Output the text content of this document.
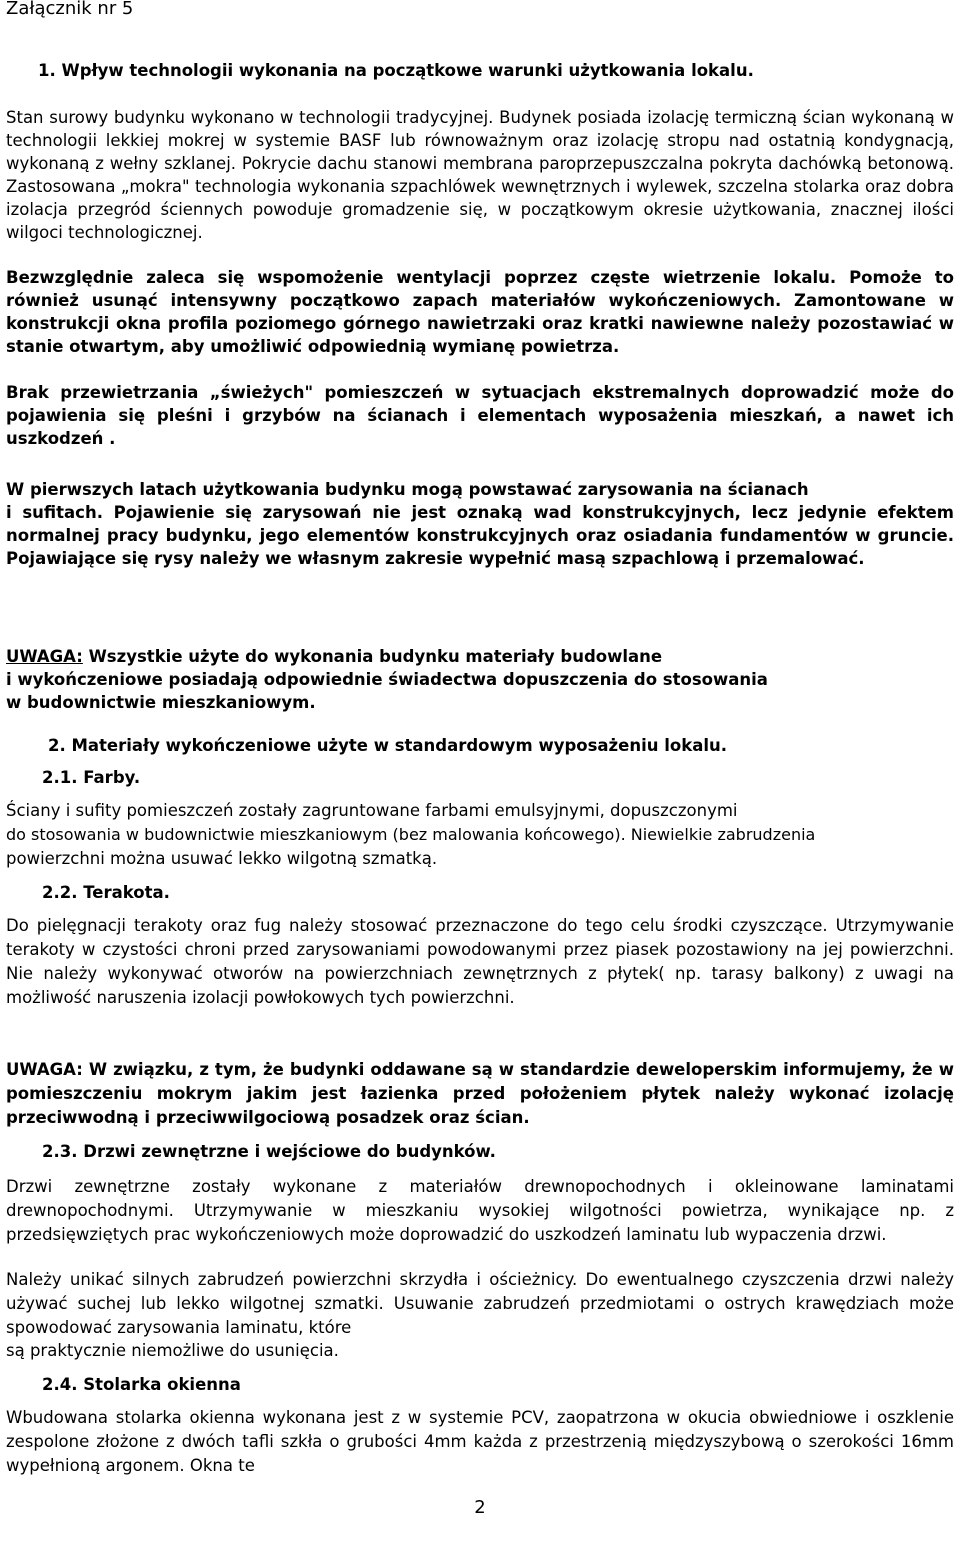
Załącznik nr 5
1. Wpływ technologii wykonania na początkowe warunki użytkowania lokalu.

Stan surowy budynku wykonano w technologii tradycyjnej. Budynek posiada izolację termiczną ścian wykonaną w technologii lekkiej mokrej w systemie BASF lub równoważnym oraz izolację stropu nad ostatnią kondygnacją, wykonaną z wełny szklanej. Pokrycie dachu stanowi membrana paroprzepuszczalna pokryta dachówką betonową. Zastosowana „mokra" technologia wykonania szpachlówek wewnętrznych i wylewek, szczelna stolarka oraz dobra izolacja przegród ściennych powoduje gromadzenie się, w początkowym okresie użytkowania, znacznej ilości wilgoci technologicznej.

Bezwzględnie zaleca się wspomożenie wentylacji poprzez częste wietrzenie lokalu. Pomoże to również usunąć intensywny początkowo zapach materiałów wykończeniowych. Zamontowane w konstrukcji okna profila poziomego górnego nawietrzaki oraz kratki nawiewne należy pozostawiać w stanie otwartym, aby umożliwić odpowiednią wymianę powietrza.

Brak przewietrzania „świeżych" pomieszczeń w sytuacjach ekstremalnych doprowadzić może do pojawienia się pleśni i grzybów na ścianach i elementach wyposażenia mieszkań, a nawet ich uszkodzeń .

W pierwszych latach użytkowania budynku mogą powstawać zarysowania na ścianach

i sufitach. Pojawienie się zarysowań nie jest oznaką wad konstrukcyjnych, lecz jedynie efektem normalnej pracy budynku, jego elementów konstrukcyjnych oraz osiadania fundamentów w gruncie. Pojawiające się rysy należy we własnym zakresie wypełnić masą szpachlową i przemalować.

UWAGA: Wszystkie użyte do wykonania budynku materiały budowlane
i wykończeniowe posiadają odpowiednie świadectwa dopuszczenia do stosowania
w budownictwie mieszkaniowym.
2. Materiały wykończeniowe użyte w standardowym wyposażeniu lokalu.
2.1. Farby.
Ściany i sufity pomieszczeń zostały zagruntowane farbami emulsyjnymi, dopuszczonymi
do stosowania w budownictwie mieszkaniowym (bez malowania końcowego). Niewielkie zabrudzenia
powierzchni można usuwać lekko wilgotną szmatką.
2.2. Terakota.

Do pielęgnacji terakoty oraz fug należy stosować przeznaczone do tego celu środki czyszczące. Utrzymywanie terakoty w czystości chroni przed zarysowaniami powodowanymi przez piasek pozostawiony na jej powierzchni. Nie należy wykonywać otworów na powierzchniach zewnętrznych z płytek( np. tarasy balkony) z uwagi na możliwość naruszenia izolacji powłokowych tych powierzchni.

UWAGA: W związku, z tym, że budynki oddawane są w standardzie deweloperskim informujemy, że w pomieszczeniu mokrym jakim jest łazienka przed położeniem płytek należy wykonać izolację przeciwwodną i przeciwwilgociową posadzek oraz ścian.

2.3. Drzwi zewnętrzne i wejściowe do budynków.

Drzwi zewnętrzne zostały wykonane z materiałów drewnopochodnych i okleinowane laminatami drewnopochodnymi. Utrzymywanie w mieszkaniu wysokiej wilgotności powietrza, wynikające np. z przedsięwziętych prac wykończeniowych może doprowadzić do uszkodzeń laminatu lub wypaczenia drzwi.

Należy unikać silnych zabrudzeń powierzchni skrzydła i ościeżnicy. Do ewentualnego czyszczenia drzwi należy używać suchej lub lekko wilgotnej szmatki. Usuwanie zabrudzeń przedmiotami o ostrych krawędziach może spowodować zarysowania laminatu, które

są praktycznie niemożliwe do usunięcia.
2.4. Stolarka okienna

Wbudowana stolarka okienna wykonana jest z w systemie PCV, zaopatrzona w okucia obwiedniowe i oszklenie zespolone złożone z dwóch tafli szkła o grubości 4mm każda z przestrzenią międzyszybową o szerokości 16mm wypełnioną argonem. Okna te

2
